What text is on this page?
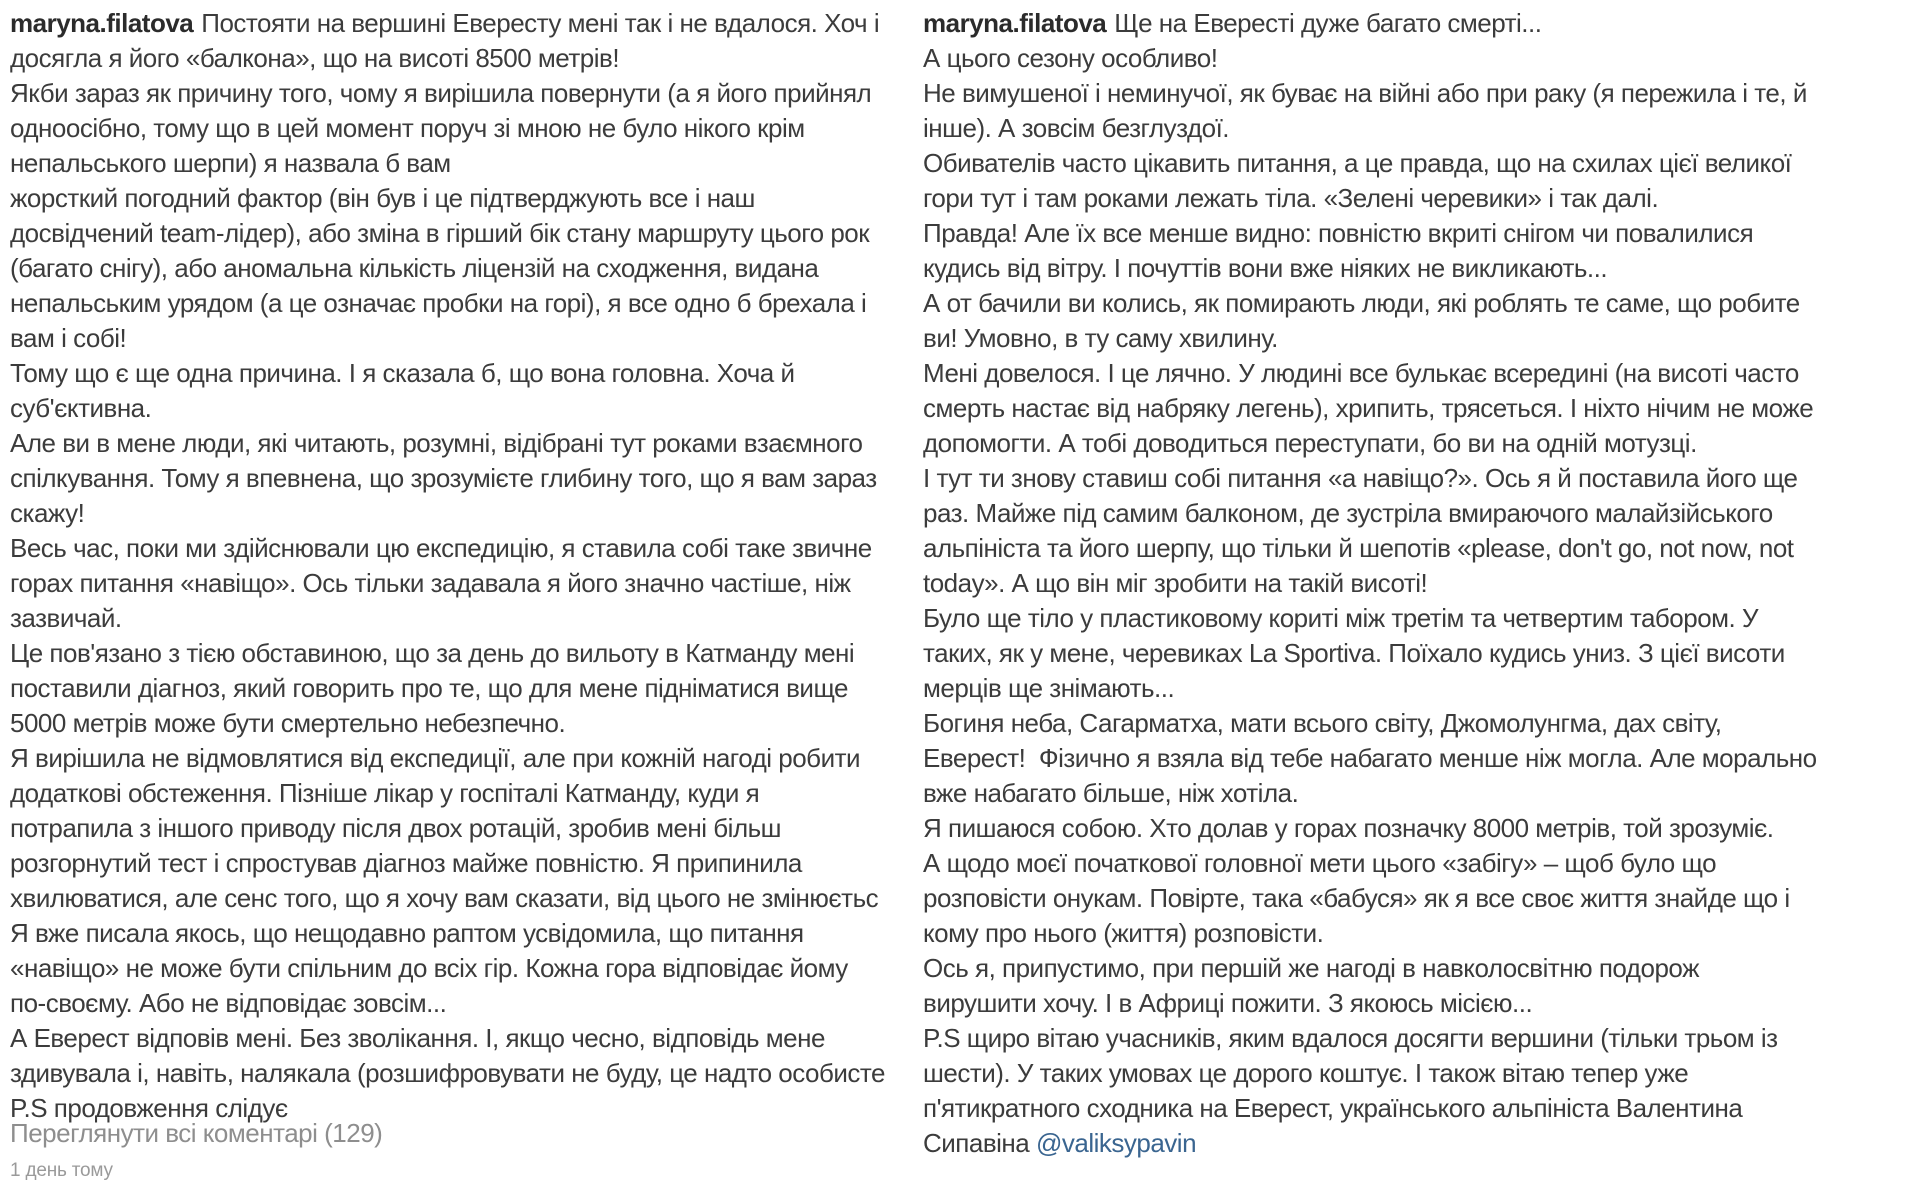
maryna.filatova Постояти на вершині Евересту мені так і не вдалося. Хоч і
досягла я його «балкона», що на висоті 8500 метрів!
Якби зараз як причину того, чому я вирішила повернути (а я його прийнял
одноосібно, тому що в цей момент поруч зі мною не було нікого крім
непальського шерпи) я назвала б вам
жорсткий погодний фактор (він був і це підтверджують все і наш
досвідчений team-лідер), або зміна в гірший бік стану маршруту цього рок
(багато снігу), або аномальна кількість ліцензій на сходження, видана
непальським урядом (а це означає пробки на горі), я все одно б брехала і
вам і собі!
Тому що є ще одна причина. І я сказала б, що вона головна. Хоча й
суб'єктивна.
Але ви в мене люди, які читають, розумні, відібрані тут роками взаємного
спілкування. Тому я впевнена, що зрозумієте глибину того, що я вам зараз
скажу!
Весь час, поки ми здійснювали цю експедицію, я ставила собі таке звичне
горах питання «навіщо». Ось тільки задавала я його значно частіше, ніж
зазвичай.
Це пов'язано з тією обставиною, що за день до вильоту в Катманду мені
поставили діагноз, який говорить про те, що для мене підніматися вище
5000 метрів може бути смертельно небезпечно.
Я вирішила не відмовлятися від експедиції, але при кожній нагоді робити
додаткові обстеження. Пізніше лікар у госпіталі Катманду, куди я
потрапила з іншого приводу після двох ротацій, зробив мені більш
розгорнутий тест і спростував діагноз майже повністю. Я припинила
хвилюватися, але сенс того, що я хочу вам сказати, від цього не змінюєтьс
Я вже писала якось, що нещодавно раптом усвідомила, що питання
«навіщо» не може бути спільним до всіх гір. Кожна гора відповідає йому
по-своєму. Або не відповідає зовсім...
А Еверест відповів мені. Без зволікання. І, якщо чесно, відповідь мене
здивувала і, навіть, налякала (розшифровувати не буду, це надто особисте
P.S продовження слідує
maryna.filatova Ще на Евересті дуже багато смерті...
А цього сезону особливо!
Не вимушеної і неминучої, як буває на війні або при раку (я пережила і те, й
інше). А зовсім безглуздої.
Обивателів часто цікавить питання, а це правда, що на схилах цієї великої
гори тут і там роками лежать тіла. «Зелені черевики» і так далі.
Правда! Але їх все менше видно: повністю вкриті снігом чи повалилися
кудись від вітру. І почуттів вони вже ніяких не викликають...
А от бачили ви колись, як помирають люди, які роблять те саме, що робите
ви! Умовно, в ту саму хвилину.
Мені довелося. І це лячно. У людині все булькає всередині (на висоті часто
смерть настає від набряку легень), хрипить, трясеться. І ніхто нічим не може
допомогти. А тобі доводиться переступати, бо ви на одній мотузці.
І тут ти знову ставиш собі питання «а навіщо?». Ось я й поставила його ще
раз. Майже під самим балконом, де зустріла вмираючого малайзійського
альпініста та його шерпу, що тільки й шепотів «please, don't go, not now, not
today». А що він міг зробити на такій висоті!
Було ще тіло у пластиковому кориті між третім та четвертим табором. У
таких, як у мене, черевиках La Sportiva. Поїхало кудись униз. З цієї висоти
мерців ще знімають...
Богиня неба, Сагарматха, мати всього світу, Джомолунгма, дах світу,
Еверест!  Фізично я взяла від тебе набагато менше ніж могла. Але морально
вже набагато більше, ніж хотіла.
Я пишаюся собою. Хто долав у горах позначку 8000 метрів, той зрозуміє.
А щодо моєї початкової головної мети цього «забігу» – щоб було що
розповісти онукам. Повірте, така «бабуся» як я все своє життя знайде що і
кому про нього (життя) розповісти.
Ось я, припустимо, при першій же нагоді в навколосвітню подорож
вирушити хочу. І в Африці пожити. З якоюсь місією...
P.S щиро вітаю учасників, яким вдалося досягти вершини (тільки трьом із
шести). У таких умовах це дорого коштує. І також вітаю тепер уже
п'ятикратного сходника на Еверест, українського альпініста Валентина
Сипавіна @valiksypavin
Переглянути всі коментарі (129)
1 день тому
